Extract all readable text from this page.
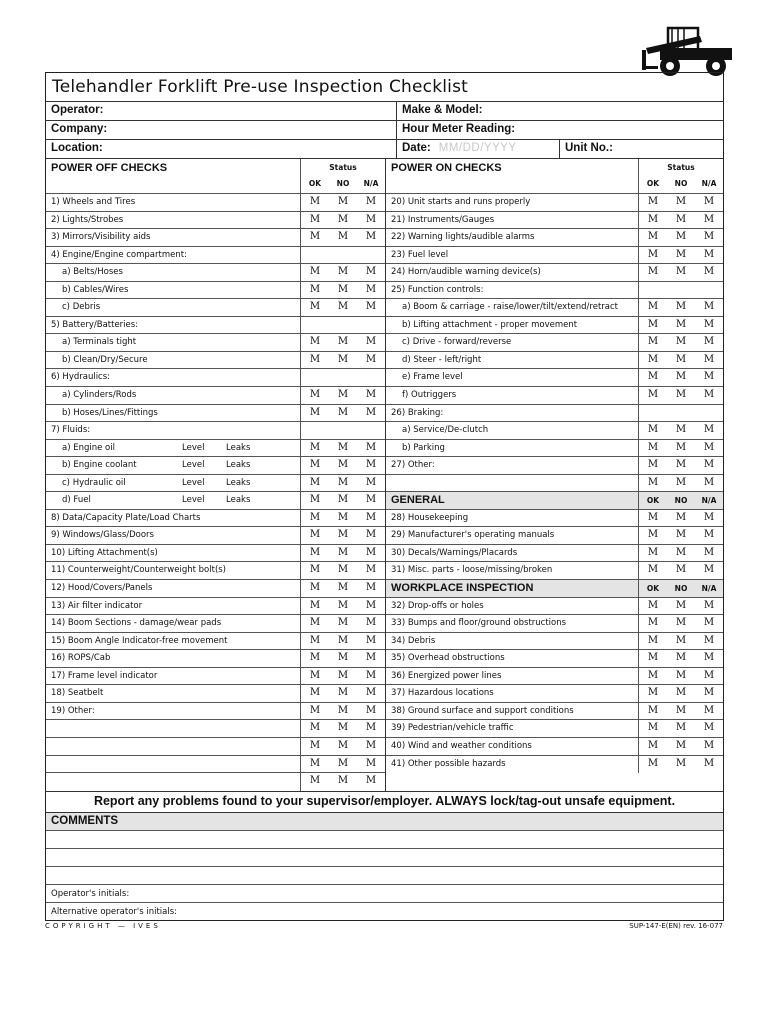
Telehandler Forklift Pre-use Inspection Checklist
Operator:	Make & Model:
Company:	Hour Meter Reading:
Location:	Date: MM/DD/YYYY	Unit No.:
POWER OFF CHECKS	Status
OK	NO	N/A
1) Wheels and Tires	M	M	M
2) Lights/Strobes	M	M	M
3) Mirrors/Visibility aids	M	M	M
4) Engine/Engine compartment:
a) Belts/Hoses	M	M	M
b) Cables/Wires	M	M	M
c) Debris	M	M	M
5) Battery/Batteries:
a) Terminals tight	M	M	M
b) Clean/Dry/Secure	M	M	M
6) Hydraulics:
a) Cylinders/Rods	M	M	M
b) Hoses/Lines/Fittings	M	M	M
7) Fluids:
a) Engine oil	Level	Leaks	M	M	M
b) Engine coolant	Level	Leaks	M	M	M
c) Hydraulic oil	Level	Leaks	M	M	M
d) Fuel	Level	Leaks	M	M	M
8) Data/Capacity Plate/Load Charts	M	M	M
9) Windows/Glass/Doors	M	M	M
10) Lifting Attachment(s)	M	M	M
11) Counterweight/Counterweight bolt(s)	M	M	M
12) Hood/Covers/Panels	M	M	M
13) Air filter indicator	M	M	M
14) Boom Sections - damage/wear pads	M	M	M
15) Boom Angle Indicator-free movement	M	M	M
16) ROPS/Cab	M	M	M
17) Frame level indicator	M	M	M
18) Seatbelt	M	M	M
19) Other:	M	M	M
M	M	M
M	M	M
M	M	M
M	M	M
POWER ON CHECKS	Status
OK	NO	N/A
20) Unit starts and runs properly	M	M	M
21) Instruments/Gauges	M	M	M
22) Warning lights/audible alarms	M	M	M
23) Fuel level	M	M	M
24) Horn/audible warning device(s)	M	M	M
25) Function controls:
a) Boom & carriage - raise/lower/tilt/extend/retract	M	M	M
b) Lifting attachment - proper movement	M	M	M
c) Drive - forward/reverse	M	M	M
d) Steer - left/right	M	M	M
e) Frame level	M	M	M
f) Outriggers	M	M	M
26) Braking:
a) Service/De-clutch	M	M	M
b) Parking	M	M	M
27) Other:	M	M	M
M	M	M
GENERAL	OK	NO	N/A
28) Housekeeping	M	M	M
29) Manufacturer's operating manuals	M	M	M
30) Decals/Warnings/Placards	M	M	M
31) Misc. parts - loose/missing/broken	M	M	M
WORKPLACE INSPECTION	OK	NO	N/A
32) Drop-offs or holes	M	M	M
33) Bumps and floor/ground obstructions	M	M	M
34) Debris	M	M	M
35) Overhead obstructions	M	M	M
36) Energized power lines	M	M	M
37) Hazardous locations	M	M	M
38) Ground surface and support conditions	M	M	M
39) Pedestrian/vehicle traffic	M	M	M
40) Wind and weather conditions	M	M	M
41) Other possible hazards	M	M	M
Report any problems found to your supervisor/employer. ALWAYS lock/tag-out unsafe equipment.
COMMENTS
Operator's initials:
Alternative operator's initials:
COPYRIGHT — IVES	SUP-147-E(EN) rev. 16-077
